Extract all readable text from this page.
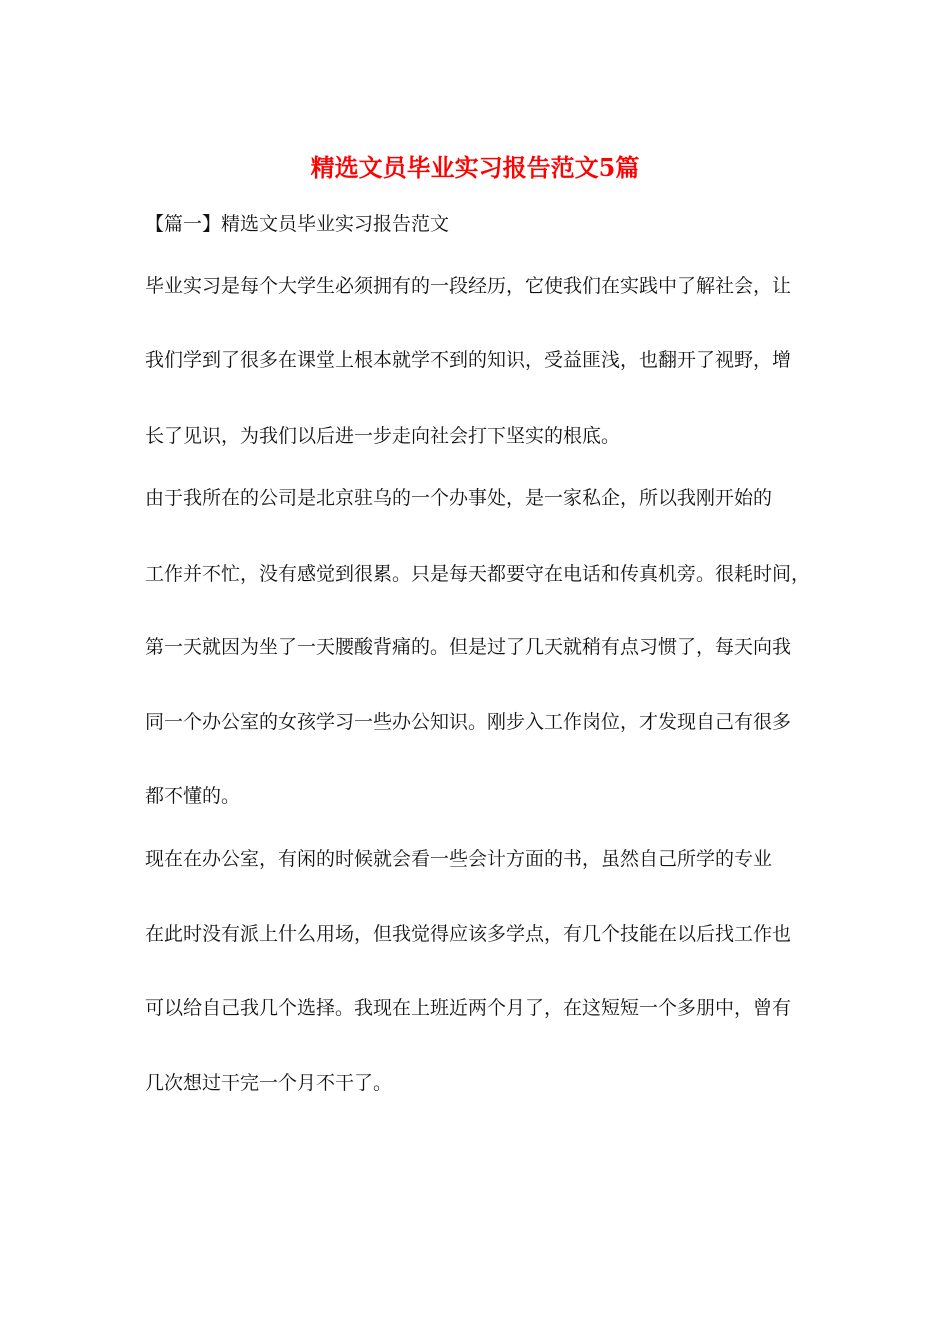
精选文员毕业实习报告范文5篇

【篇一】精选文员毕业实习报告范文

毕业实习是每个大学生必须拥有的一段经历，它使我们在实践中了解社会，让

我们学到了很多在课堂上根本就学不到的知识，受益匪浅，也翻开了视野，增

长了见识，为我们以后进一步走向社会打下坚实的根底。

由于我所在的公司是北京驻乌的一个办事处，是一家私企，所以我刚开始的

工作并不忙，没有感觉到很累。只是每天都要守在电话和传真机旁。很耗时间，

第一天就因为坐了一天腰酸背痛的。但是过了几天就稍有点习惯了，每天向我

同一个办公室的女孩学习一些办公知识。刚步入工作岗位，才发现自己有很多

都不懂的。

现在在办公室，有闲的时候就会看一些会计方面的书，虽然自己所学的专业

在此时没有派上什么用场，但我觉得应该多学点，有几个技能在以后找工作也

可以给自己我几个选择。我现在上班近两个月了，在这短短一个多朋中，曾有

几次想过干完一个月不干了。
